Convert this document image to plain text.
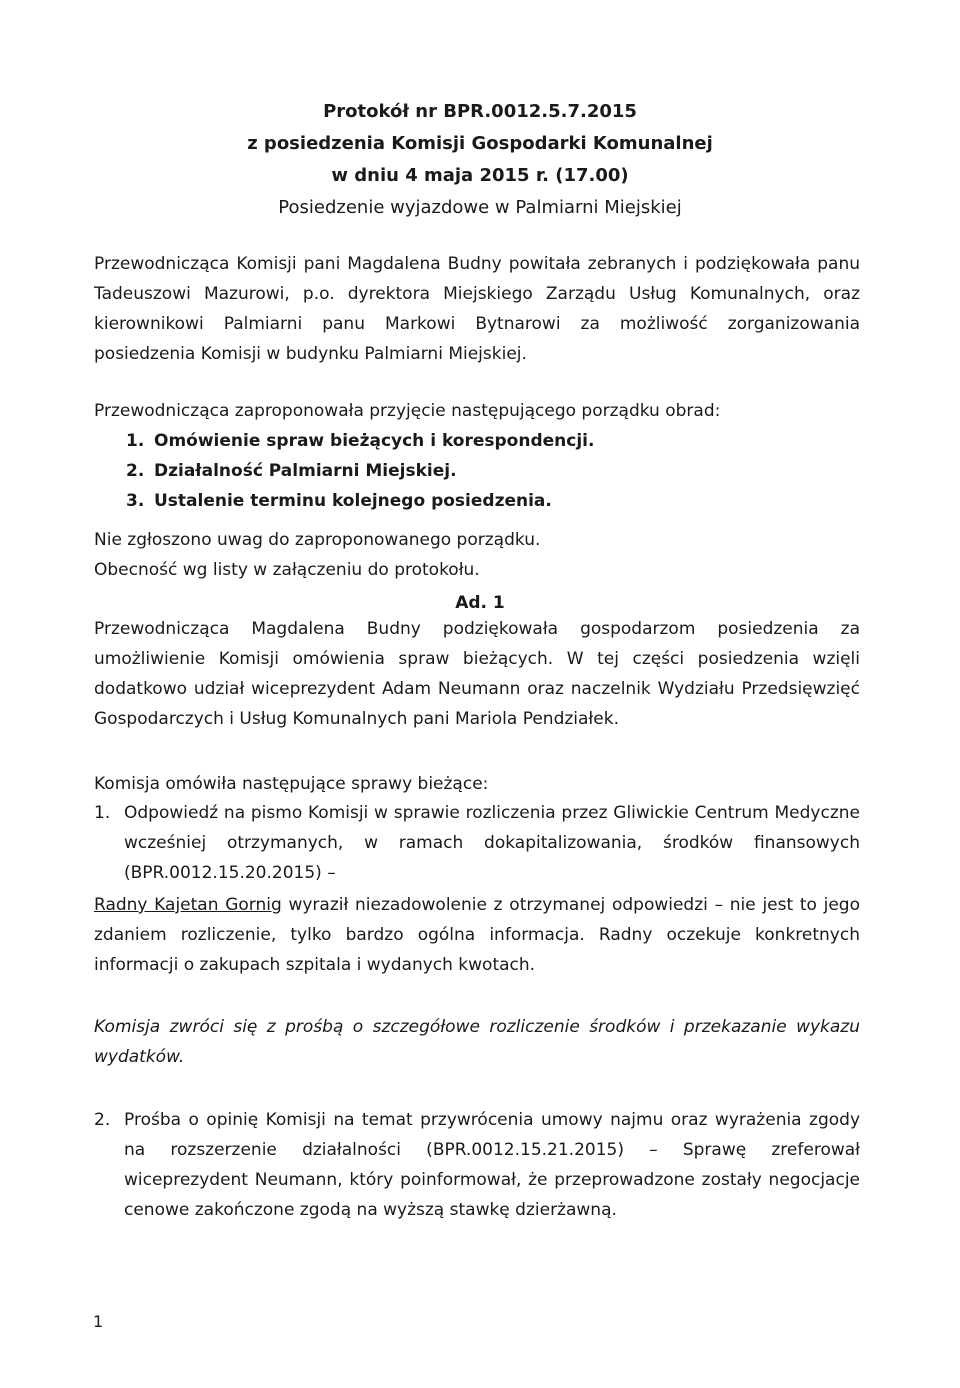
Protokół nr BPR.0012.5.7.2015
z posiedzenia Komisji Gospodarki Komunalnej
w dniu 4 maja 2015 r. (17.00)
Posiedzenie wyjazdowe w Palmiarni Miejskiej
Przewodnicząca Komisji pani Magdalena Budny powitała zebranych i podziękowała panu Tadeuszowi Mazurowi, p.o. dyrektora Miejskiego Zarządu Usług Komunalnych, oraz kierownikowi Palmiarni panu Markowi Bytnarowi za możliwość zorganizowania posiedzenia Komisji w budynku Palmiarni Miejskiej.
Przewodnicząca zaproponowała przyjęcie następującego porządku obrad:
1. Omówienie spraw bieżących i korespondencji.
2. Działalność Palmiarni Miejskiej.
3. Ustalenie terminu kolejnego posiedzenia.
Nie zgłoszono uwag do zaproponowanego porządku.
Obecność wg listy w załączeniu do protokołu.
Ad. 1
Przewodnicząca Magdalena Budny podziękowała gospodarzom posiedzenia za umożliwienie Komisji omówienia spraw bieżących. W tej części posiedzenia wzięli dodatkowo udział wiceprezydent Adam Neumann oraz naczelnik Wydziału Przedsięwzięć Gospodarczych i Usług Komunalnych pani Mariola Pendziałek.
Komisja omówiła następujące sprawy bieżące:
1. Odpowiedź na pismo Komisji w sprawie rozliczenia przez Gliwickie Centrum Medyczne wcześniej otrzymanych, w ramach dokapitalizowania, środków finansowych (BPR.0012.15.20.2015) –
Radny Kajetan Gornig wyraził niezadowolenie z otrzymanej odpowiedzi – nie jest to jego zdaniem rozliczenie, tylko bardzo ogólna informacja. Radny oczekuje konkretnych informacji o zakupach szpitala i wydanych kwotach.
Komisja zwróci się z prośbą o szczegółowe rozliczenie środków i przekazanie wykazu wydatków.
2. Prośba o opinię Komisji na temat przywrócenia umowy najmu oraz wyrażenia zgody na rozszerzenie działalności (BPR.0012.15.21.2015) – Sprawę zreferował wiceprezydent Neumann, który poinformował, że przeprowadzone zostały negocjacje cenowe zakończone zgodą na wyższą stawkę dzierżawną.
1
